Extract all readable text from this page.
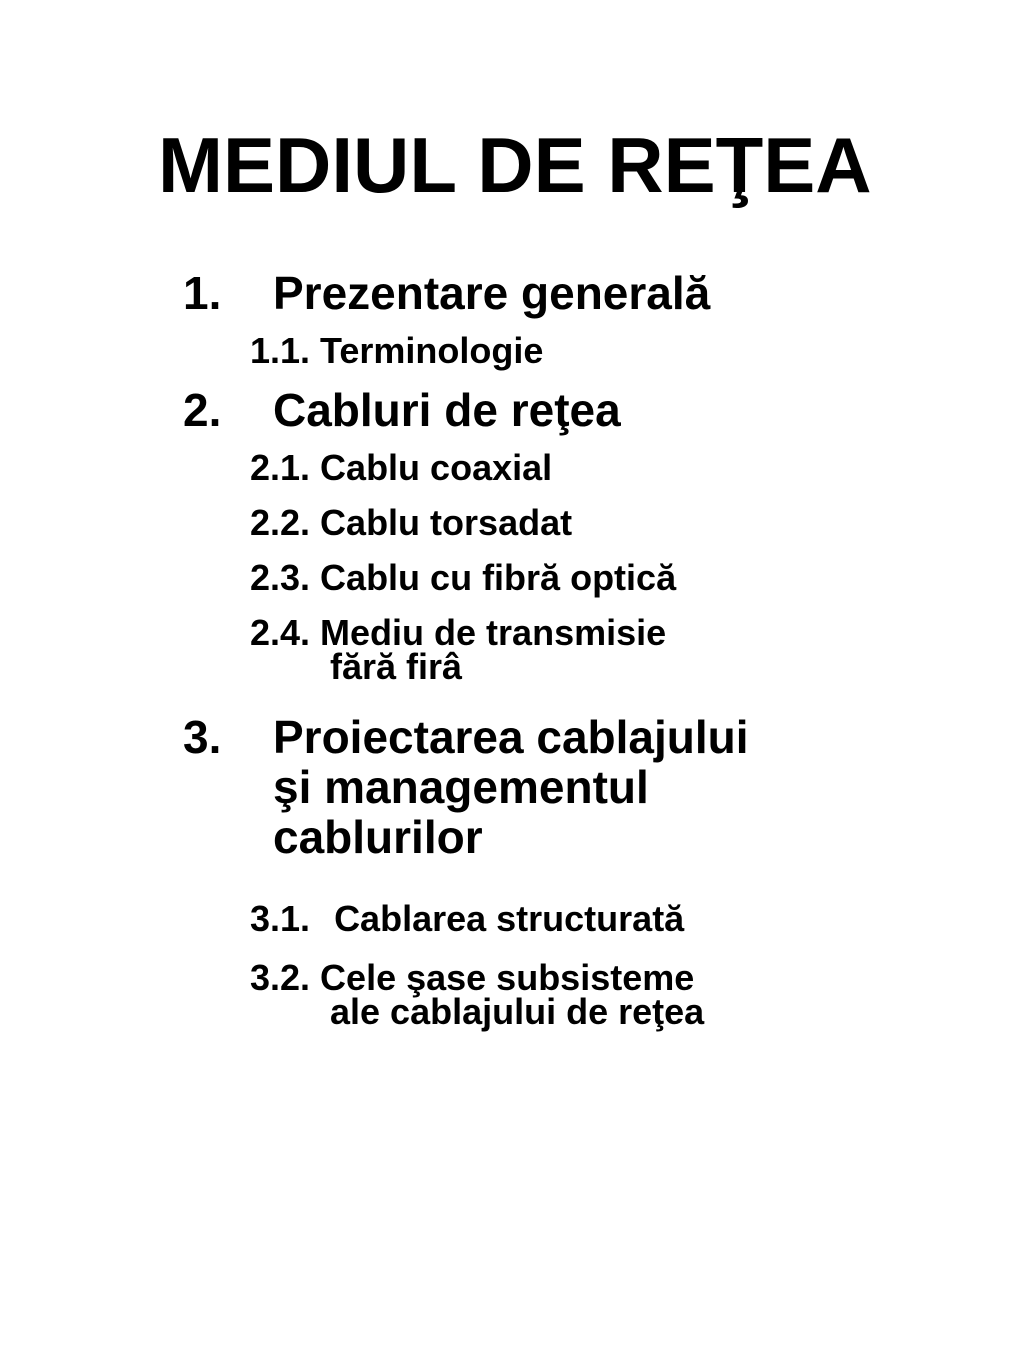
MEDIUL DE REŢEA
1. Prezentare generală
1.1. Terminologie
2. Cabluri de reţea
2.1. Cablu coaxial
2.2. Cablu torsadat
2.3. Cablu cu fibră optică
2.4. Mediu de transmisie
fără firâ
3. Proiectarea cablajului
şi managementul
cablurilor
3.1. Cablarea structurată
3.2. Cele şase subsisteme
ale cablajului de reţea
